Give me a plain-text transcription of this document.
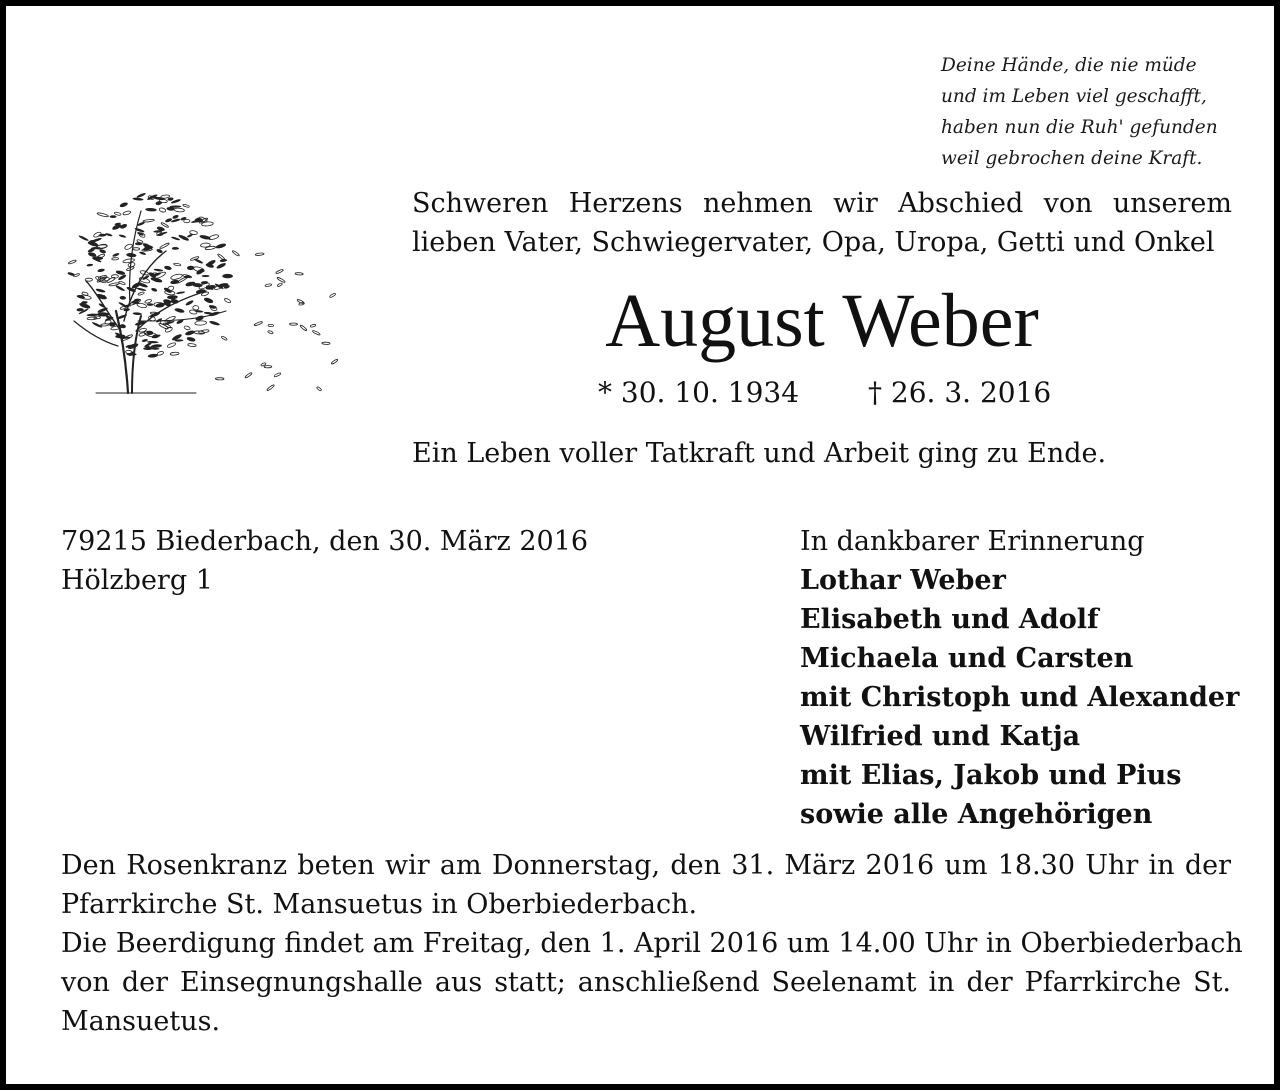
Deine Hände, die nie müde
und im Leben viel geschafft,
haben nun die Ruh' gefunden
weil gebrochen deine Kraft.
Schweren Herzens nehmen wir Abschied von unserem
lieben Vater, Schwiegervater, Opa, Uropa, Getti und Onkel
August Weber
* 30. 10. 1934 † 26. 3. 2016
Ein Leben voller Tatkraft und Arbeit ging zu Ende.
79215 Biederbach, den 30. März 2016
Hölzberg 1
In dankbarer Erinnerung
Lothar Weber
Elisabeth und Adolf
Michaela und Carsten
mit Christoph und Alexander
Wilfried und Katja
mit Elias, Jakob und Pius
sowie alle Angehörigen
Den Rosenkranz beten wir am Donnerstag, den 31. März 2016 um 18.30 Uhr in der
Pfarrkirche St. Mansuetus in Oberbiederbach.
Die Beerdigung findet am Freitag, den 1. April 2016 um 14.00 Uhr in Oberbiederbach
von der Einsegnungshalle aus statt; anschließend Seelenamt in der Pfarrkirche St.
Mansuetus.
